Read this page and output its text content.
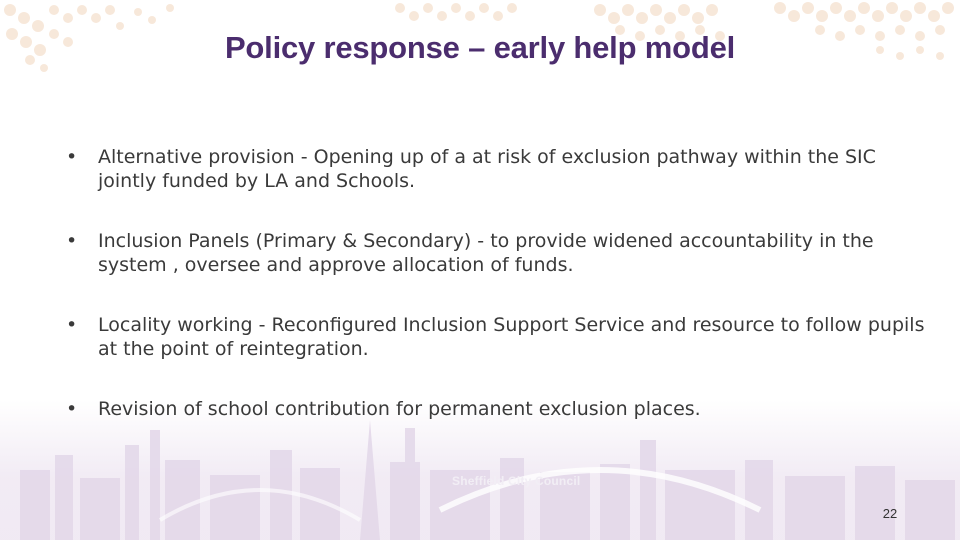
Policy response – early help model
•	Alternative provision - Opening up of a at risk of exclusion pathway within the SIC jointly funded by LA and Schools.
•	Inclusion Panels (Primary & Secondary) - to provide widened accountability in the system , oversee and approve allocation of funds.
•	Locality working - Reconfigured Inclusion Support Service and resource to follow pupils at the point of reintegration.
•	Revision of school contribution for permanent exclusion places.
Sheffield City Council
22
